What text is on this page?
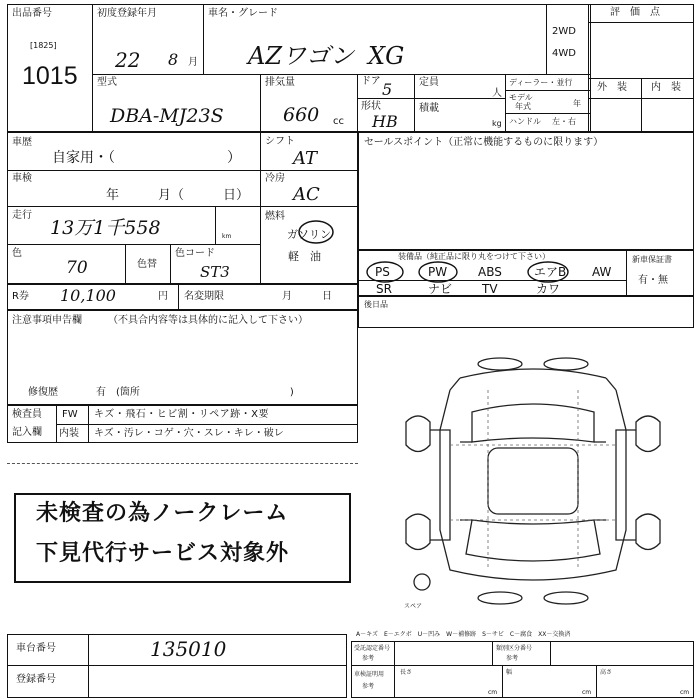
出品番号
[1825]
1015
初度登録年月
22 8 月
車名・グレード
AZワゴン XG
2WD
4WD
評　価　点
外　装 内　装
型式
DBA-MJ23S
排気量
660 cc
ドア 5
形状
HB
定員
人
積載
kg
ディーラー・並行
モデル
年式	年
ハンドル 左・右
車歴
自家用・（　　　　　　　　）
シフト
AT
車検
年　　　月（　　　日）
冷房
AC
走行
13万1千558	km
燃料
ガソリン
軽　油
色
70	色替
色コード
ST3
R券 10,100	円 名変期限	月　　　日
注意事項申告欄	（不具合内容等は具体的に記入して下さい）
修復歴	有　(箇所　　　　　　　　　　　　　　　)
検査員
記入欄
FW キズ・飛石・ヒビ割・リペア跡・X要
内装 キズ・汚レ・コゲ・穴・スレ・キレ・破レ
未検査の為ノークレーム
下見代行サービス対象外
セールスポイント（正常に機能するものに限ります）
装備品（純正品に限り丸をつけて下さい）	新車保証書
有・無
PS	PW	ABS	エアB AW
SR	ナビ TV	カワ
後日品
スペア
A－キズ　E－エクボ　U－凹み　W－補修跡　S－サビ　C－腐食　XX－交換済
車台番号	135010
登録番号
受託認定番号
参考
類別区分番号
参考
車検証明用
参考
長さ
cm
幅
cm
高さ
cm
